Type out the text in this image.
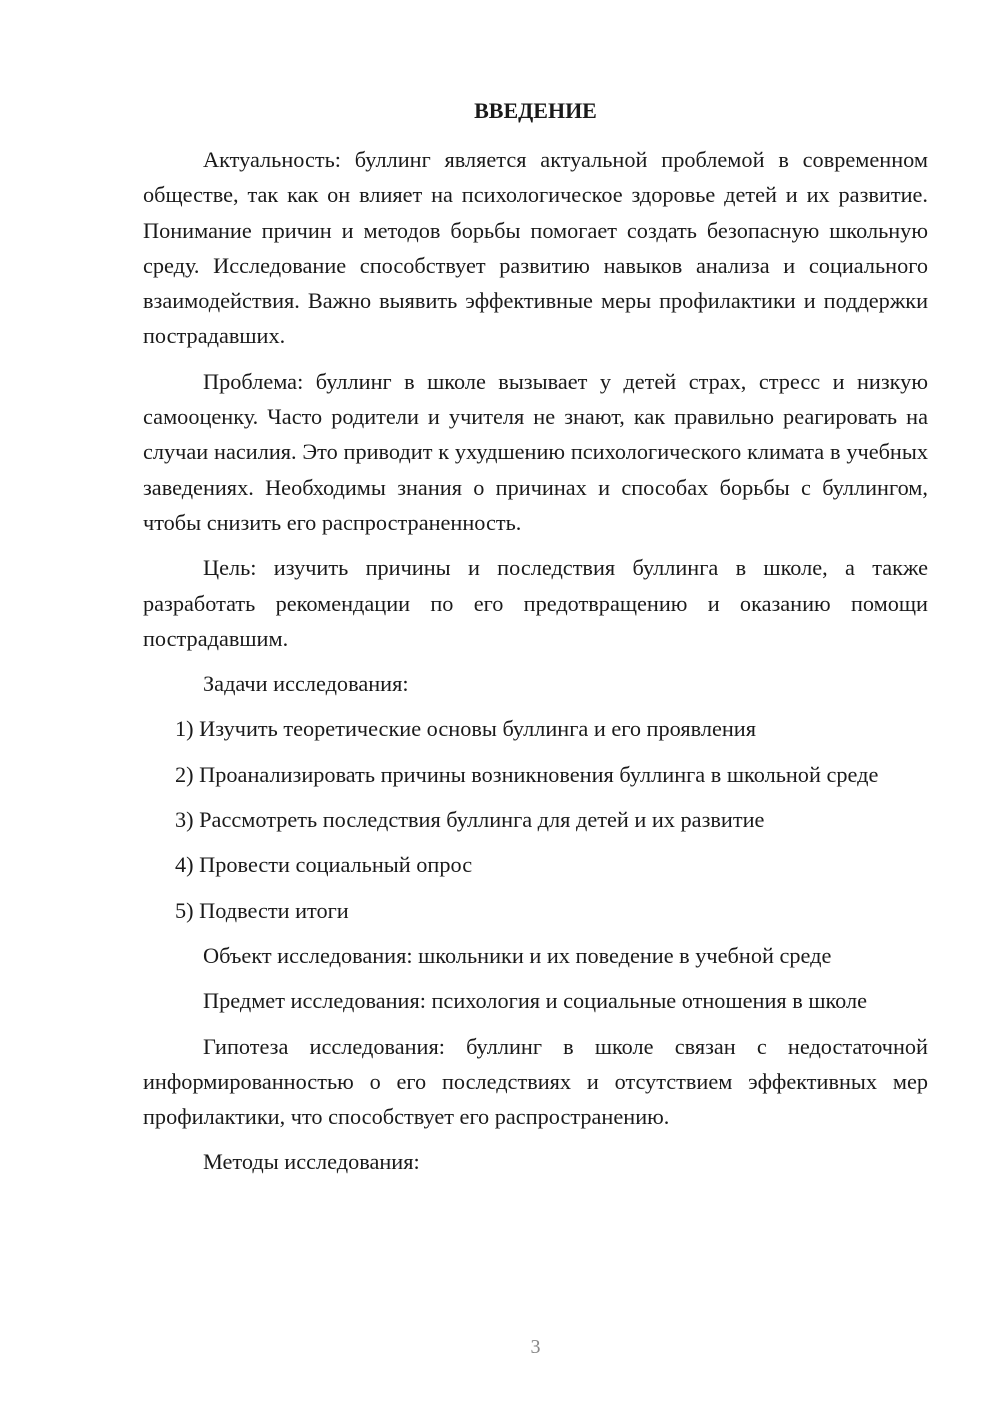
ВВЕДЕНИЕ

Актуальность: буллинг является актуальной проблемой в современном обществе, так как он влияет на психологическое здоровье детей и их развитие. Понимание причин и методов борьбы помогает создать безопасную школьную среду. Исследование способствует развитию навыков анализа и социального взаимодействия. Важно выявить эффективные меры профилактики и поддержки пострадавших.

Проблема: буллинг в школе вызывает у детей страх, стресс и низкую самооценку. Часто родители и учителя не знают, как правильно реагировать на случаи насилия. Это приводит к ухудшению психологического климата в учебных заведениях. Необходимы знания о причинах и способах борьбы с буллингом, чтобы снизить его распространенность.

Цель: изучить причины и последствия буллинга в школе, а также разработать рекомендации по его предотвращению и оказанию помощи пострадавшим.

Задачи исследования:

1) Изучить теоретические основы буллинга и его проявления

2) Проанализировать причины возникновения буллинга в школьной среде

3) Рассмотреть последствия буллинга для детей и их развитие

4) Провести социальный опрос

5) Подвести итоги

Объект исследования: школьники и их поведение в учебной среде

Предмет исследования: психология и социальные отношения в школе

Гипотеза исследования: буллинг в школе связан с недостаточной информированностью о его последствиях и отсутствием эффективных мер профилактики, что способствует его распространению.

Методы исследования:

3
